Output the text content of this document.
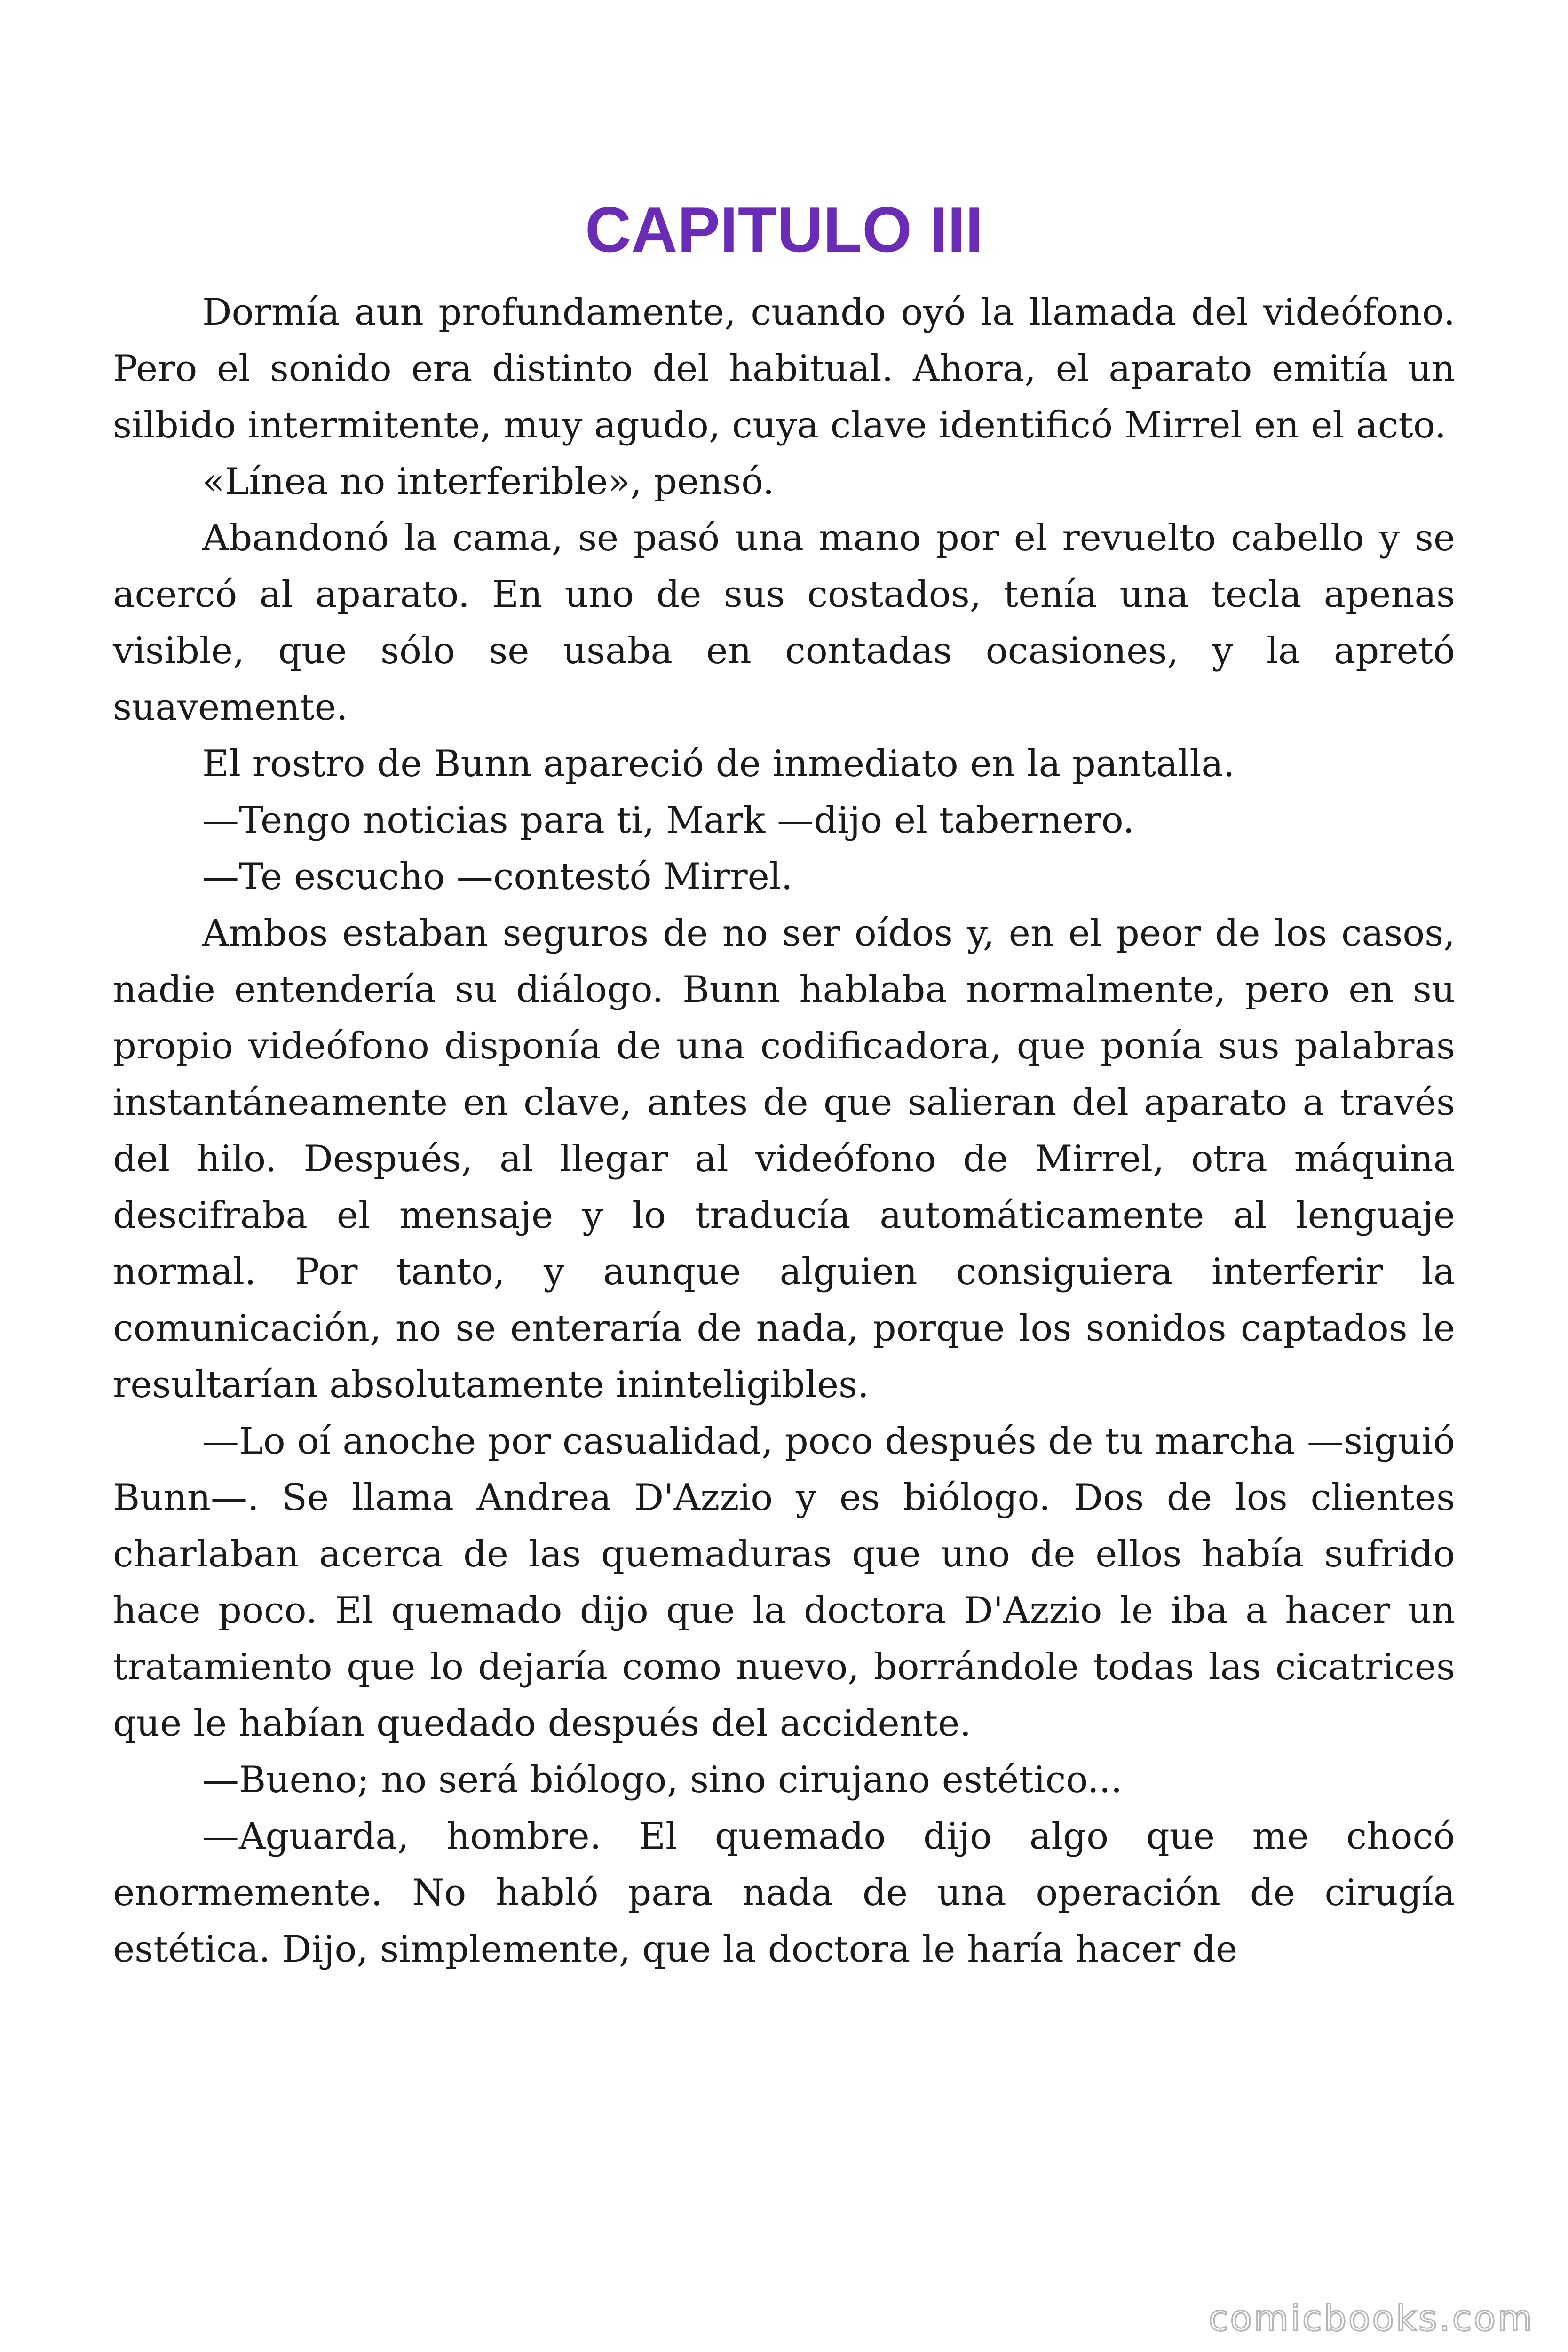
CAPITULO III

Dormía aun profundamente, cuando oyó la llamada del videófono. Pero el sonido era distinto del habitual. Ahora, el aparato emitía un silbido intermitente, muy agudo, cuya clave identificó Mirrel en el acto.

«Línea no interferible», pensó.

Abandonó la cama, se pasó una mano por el revuelto cabello y se acercó al aparato. En uno de sus costados, tenía una tecla apenas visible, que sólo se usaba en contadas ocasiones, y la apretó suavemente.

El rostro de Bunn apareció de inmediato en la pantalla.

—Tengo noticias para ti, Mark —dijo el tabernero.

—Te escucho —contestó Mirrel.

Ambos estaban seguros de no ser oídos y, en el peor de los casos, nadie entendería su diálogo. Bunn hablaba normalmente, pero en su propio videófono disponía de una codificadora, que ponía sus palabras instantáneamente en clave, antes de que salieran del aparato a través del hilo. Después, al llegar al videófono de Mirrel, otra máquina descifraba el mensaje y lo traducía automáticamente al lenguaje normal. Por tanto, y aunque alguien consiguiera interferir la comunicación, no se enteraría de nada, porque los sonidos captados le resultarían absolutamente ininteligibles.

—Lo oí anoche por casualidad, poco después de tu marcha —siguió Bunn—. Se llama Andrea D'Azzio y es biólogo. Dos de los clientes charlaban acerca de las quemaduras que uno de ellos había sufrido hace poco. El quemado dijo que la doctora D'Azzio le iba a hacer un tratamiento que lo dejaría como nuevo, borrándole todas las cicatrices que le habían quedado después del accidente.

—Bueno; no será biólogo, sino cirujano estético...

—Aguarda, hombre. El quemado dijo algo que me chocó enormemente. No habló para nada de una operación de cirugía estética. Dijo, simplemente, que la doctora le haría hacer de

comicbooks.com
